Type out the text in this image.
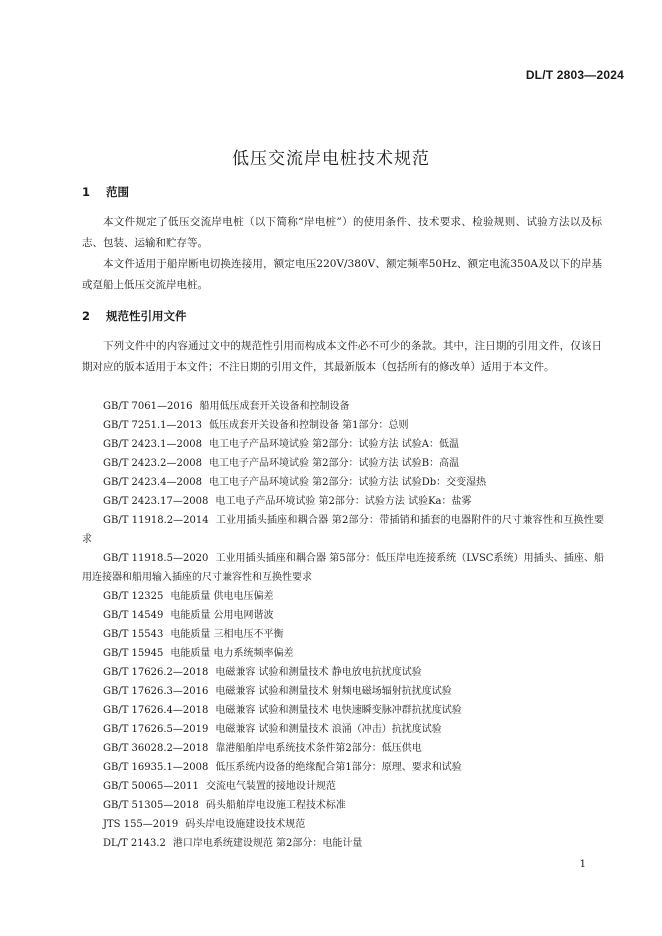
DL/T 2803—2024
低压交流岸电桩技术规范
1 范围

本文件规定了低压交流岸电桩（以下简称“岸电桩”）的使用条件、技术要求、检验规则、试验方法以及标志、包装、运输和贮存等。

本文件适用于船岸断电切换连接用，额定电压220V/380V、额定频率50Hz、额定电流350A及以下的岸基或趸船上低压交流岸电桩。

2 规范性引用文件

下列文件中的内容通过文中的规范性引用而构成本文件必不可少的条款。其中，注日期的引用文件，仅该日期对应的版本适用于本文件；不注日期的引用文件，其最新版本（包括所有的修改单）适用于本文件。

GB/T 7061—2016 船用低压成套开关设备和控制设备
GB/T 7251.1—2013 低压成套开关设备和控制设备 第1部分：总则
GB/T 2423.1—2008 电工电子产品环境试验 第2部分：试验方法 试验A：低温
GB/T 2423.2—2008 电工电子产品环境试验 第2部分：试验方法 试验B：高温
GB/T 2423.4—2008 电工电子产品环境试验 第2部分：试验方法 试验Db：交变湿热
GB/T 2423.17—2008 电工电子产品环境试验 第2部分：试验方法 试验Ka：盐雾
GB/T 11918.2—2014 工业用插头插座和耦合器 第2部分：带插销和插套的电器附件的尺寸兼容性和互换性要求
GB/T 11918.5—2020 工业用插头插座和耦合器 第5部分：低压岸电连接系统（LVSC系统）用插头、插座、船用连接器和船用输入插座的尺寸兼容性和互换性要求
GB/T 12325 电能质量 供电电压偏差
GB/T 14549 电能质量 公用电网谐波
GB/T 15543 电能质量 三相电压不平衡
GB/T 15945 电能质量 电力系统频率偏差
GB/T 17626.2—2018 电磁兼容 试验和测量技术 静电放电抗扰度试验
GB/T 17626.3—2016 电磁兼容 试验和测量技术 射频电磁场辐射抗扰度试验
GB/T 17626.4—2018 电磁兼容 试验和测量技术 电快速瞬变脉冲群抗扰度试验
GB/T 17626.5—2019 电磁兼容 试验和测量技术 浪涌（冲击）抗扰度试验
GB/T 36028.2—2018 靠港船舶岸电系统技术条件第2部分：低压供电
GB/T 16935.1—2008 低压系统内设备的绝缘配合第1部分：原理、要求和试验
GB/T 50065—2011 交流电气装置的接地设计规范
GB/T 51305—2018 码头船舶岸电设施工程技术标准
JTS 155—2019 码头岸电设施建设技术规范
DL/T 2143.2 港口岸电系统建设规范 第2部分：电能计量
1
